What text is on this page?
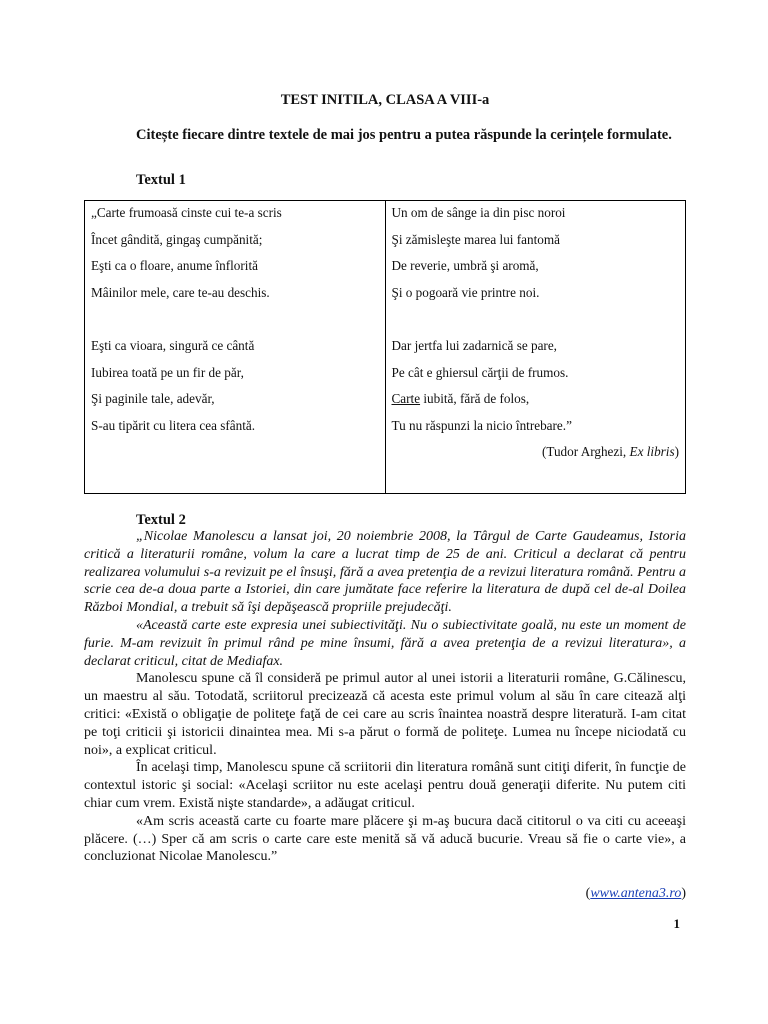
TEST INITILA, CLASA A VIII-a
Citește fiecare dintre textele de mai jos pentru a putea răspunde la cerințele formulate.
Textul 1
„Carte frumoasă cinste cui te-a scris
Încet gândită, gingaş cumpănită;
Eşti ca o floare, anume înflorită
Mâinilor mele, care te-au deschis.
Eşti ca vioara, singură ce cântă
Iubirea toată pe un fir de păr,
Şi paginile tale, adevăr,
S-au tipărit cu litera cea sfântă.

Un om de sânge ia din pisc noroi
Şi zămisleşte marea lui fantomă
De reverie, umbră şi aromă,
Şi o pogoară vie printre noi.
Dar jertfa lui zadarnică se pare,
Pe cât e ghiersul cărţii de frumos.
Carte iubită, fără de folos,
Tu nu răspunzi la nicio întrebare.”
(Tudor Arghezi, Ex libris)
Textul 2

„Nicolae Manolescu a lansat joi, 20 noiembrie 2008, la Târgul de Carte Gaudeamus, Istoria critică a literaturii române, volum la care a lucrat timp de 25 de ani. Criticul a declarat că pentru realizarea volumului s-a revizuit pe el însuşi, fără a avea pretenţia de a revizui literatura română. Pentru a scrie cea de-a doua parte a Istoriei, din care jumătate face referire la literatura de după cel de-al Doilea Război Mondial, a trebuit să îşi depăşească propriile prejudecăţi.

«Această carte este expresia unei subiectivităţi. Nu o subiectivitate goală, nu este un moment de furie. M-am revizuit în primul rând pe mine însumi, fără a avea pretenţia de a revizui literatura», a declarat criticul, citat de Mediafax.

Manolescu spune că îl consideră pe primul autor al unei istorii a literaturii române, G.Călinescu, un maestru al său. Totodată, scriitorul precizează că acesta este primul volum al său în care citează alţi critici: «Există o obligaţie de politeţe faţă de cei care au scris înaintea noastră despre literatură. I-am citat pe toţi criticii şi istoricii dinaintea mea. Mi s-a părut o formă de politeţe. Lumea nu începe niciodată cu noi», a explicat criticul.

În acelaşi timp, Manolescu spune că scriitorii din literatura română sunt citiţi diferit, în funcţie de contextul istoric şi social: «Acelaşi scriitor nu este acelaşi pentru două generaţii diferite. Nu putem citi chiar cum vrem. Există nişte standarde», a adăugat criticul.

«Am scris această carte cu foarte mare plăcere şi m-aş bucura dacă cititorul o va citi cu aceeaşi plăcere. (…) Sper că am scris o carte care este menită să vă aducă bucurie. Vreau să fie o carte vie», a concluzionat Nicolae Manolescu.”

(www.antena3.ro)
1
